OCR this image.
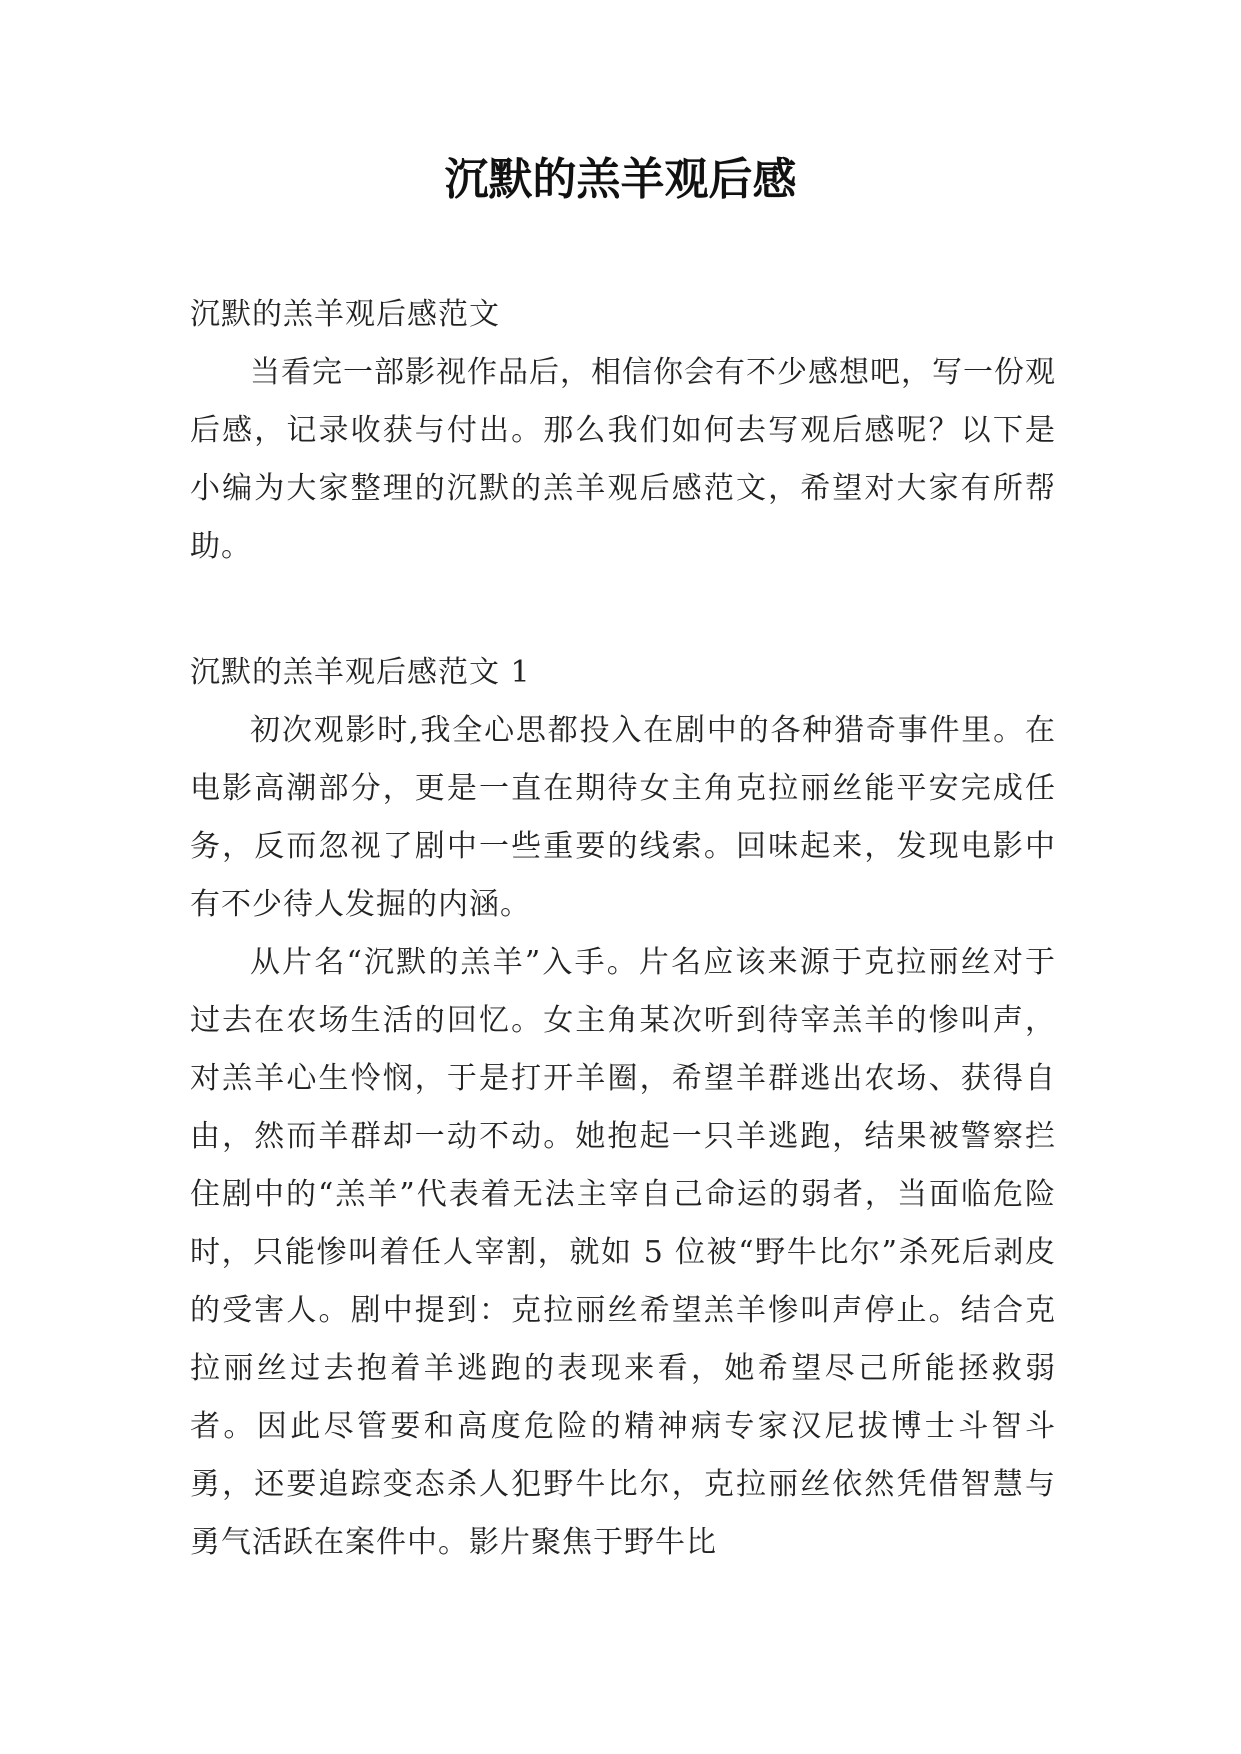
沉默的羔羊观后感

沉默的羔羊观后感范文

当看完一部影视作品后，相信你会有不少感想吧，写一份观后感，记录收获与付出。那么我们如何去写观后感呢？以下是小编为大家整理的沉默的羔羊观后感范文，希望对大家有所帮助。

沉默的羔羊观后感范文 1

初次观影时,我全心思都投入在剧中的各种猎奇事件里。在电影高潮部分，更是一直在期待女主角克拉丽丝能平安完成任务，反而忽视了剧中一些重要的线索。回味起来，发现电影中有不少待人发掘的内涵。

从片名“沉默的羔羊”入手。片名应该来源于克拉丽丝对于过去在农场生活的回忆。女主角某次听到待宰羔羊的惨叫声，对羔羊心生怜悯，于是打开羊圈，希望羊群逃出农场、获得自由，然而羊群却一动不动。她抱起一只羊逃跑，结果被警察拦住剧中的“羔羊”代表着无法主宰自己命运的弱者，当面临危险时，只能惨叫着任人宰割，就如 5 位被“野牛比尔”杀死后剥皮的受害人。剧中提到：克拉丽丝希望羔羊惨叫声停止。结合克拉丽丝过去抱着羊逃跑的表现来看，她希望尽己所能拯救弱者。因此尽管要和高度危险的精神病专家汉尼拔博士斗智斗勇，还要追踪变态杀人犯野牛比尔，克拉丽丝依然凭借智慧与勇气活跃在案件中。影片聚焦于野牛比
